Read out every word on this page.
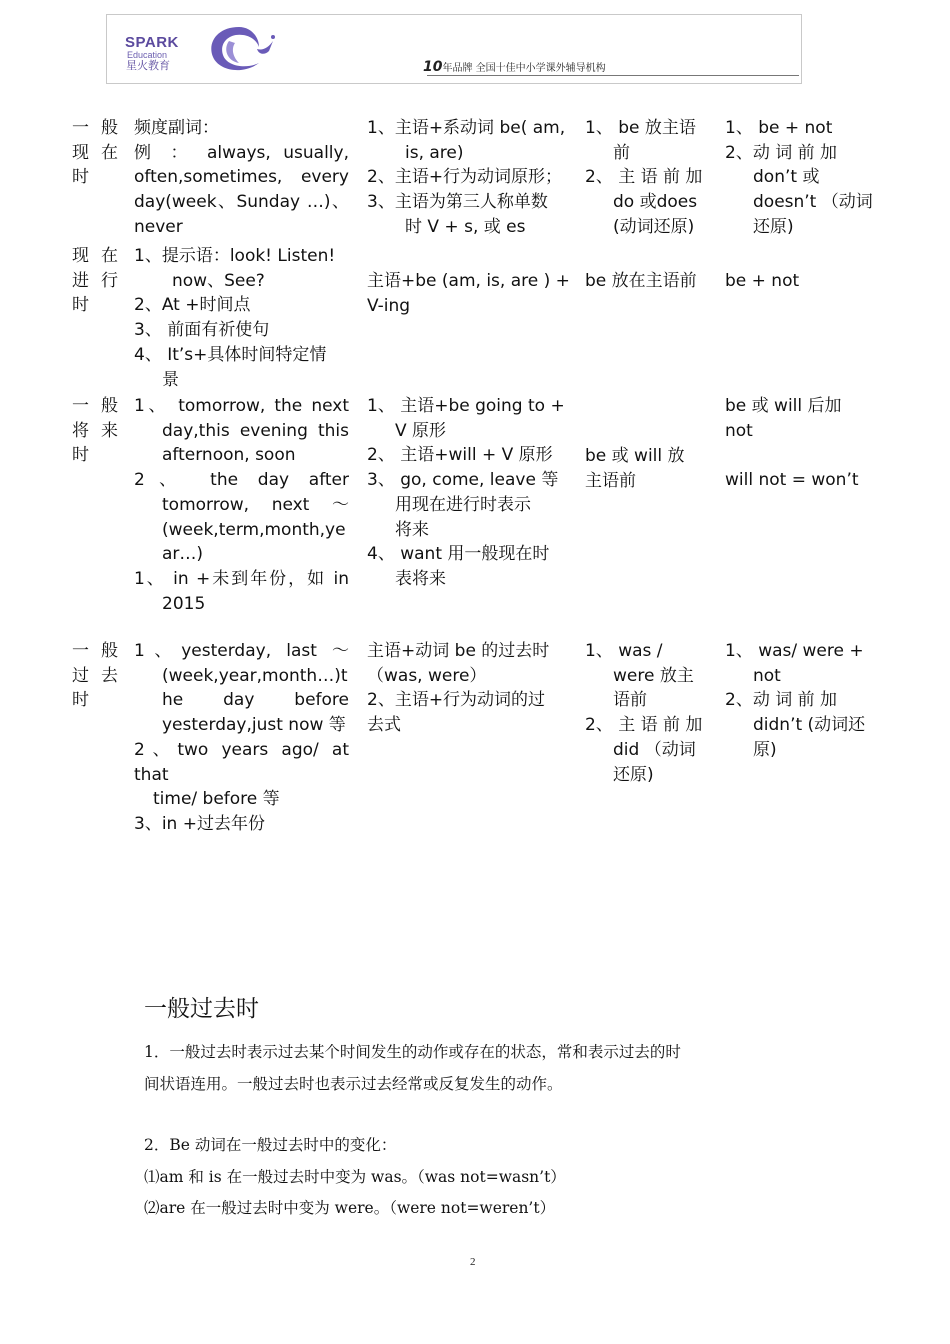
SPARK
Education
星火教育	10年品牌 全国十佳中小学课外辅导机构
一 般
现 在
时
频度副词：
例 ： always, usually,
often,sometimes, every
day(week、Sunday …)、
never
1、主语+系动词 be( am,
is, are)
2、主语+行为动词原形；
3、主语为第三人称单数
时 V + s, 或 es
1、 be 放主语
前
2、 主 语 前 加
do 或does
(动词还原)
1、 be + not
2、动 词 前 加
don’t 或
doesn’t （动词
还原)
现 在
进 行
时
1、提示语：look! Listen!
now、See?
2、At +时间点
3、 前面有祈使句
4、 It’s+具体时间特定情
景
主语+be (am, is, are ) +
V-ing
be 放在主语前	be + not
一 般
将 来
时
1、 tomorrow, the next
day,this evening this
afternoon, soon
2、 the day after
tomorrow, next ～
(week,term,month,ye
ar…)
1、 in +未到年份，如 in
2015
1、 主语+be going to +
V 原形
2、 主语+will + V 原形
3、 go, come, leave 等
用现在进行时表示
将来
4、 want 用一般现在时
表将来
be 或 will 放
主语前
be 或 will 后加
not
will not = won’t
一 般
过 去
时
1、yesterday, last ～
(week,year,month…)t
he day before
yesterday,just now 等
2、two years ago/ at that
time/ before 等
3、in +过去年份
主语+动词 be 的过去时
（was, were）
2、主语+行为动词的过
去式
1、 was /
were 放主
语前
2、 主 语 前 加
did （动词
还原)
1、 was/ were +
not
2、动 词 前 加
didn’t (动词还
原)
一般过去时
1．一般过去时表示过去某个时间发生的动作或存在的状态，常和表示过去的时
间状语连用。一般过去时也表示过去经常或反复发生的动作。
2．Be 动词在一般过去时中的变化：
⑴am 和 is 在一般过去时中变为 was。（was not=wasn’t）
⑵are 在一般过去时中变为 were。（were not=weren’t）
2
